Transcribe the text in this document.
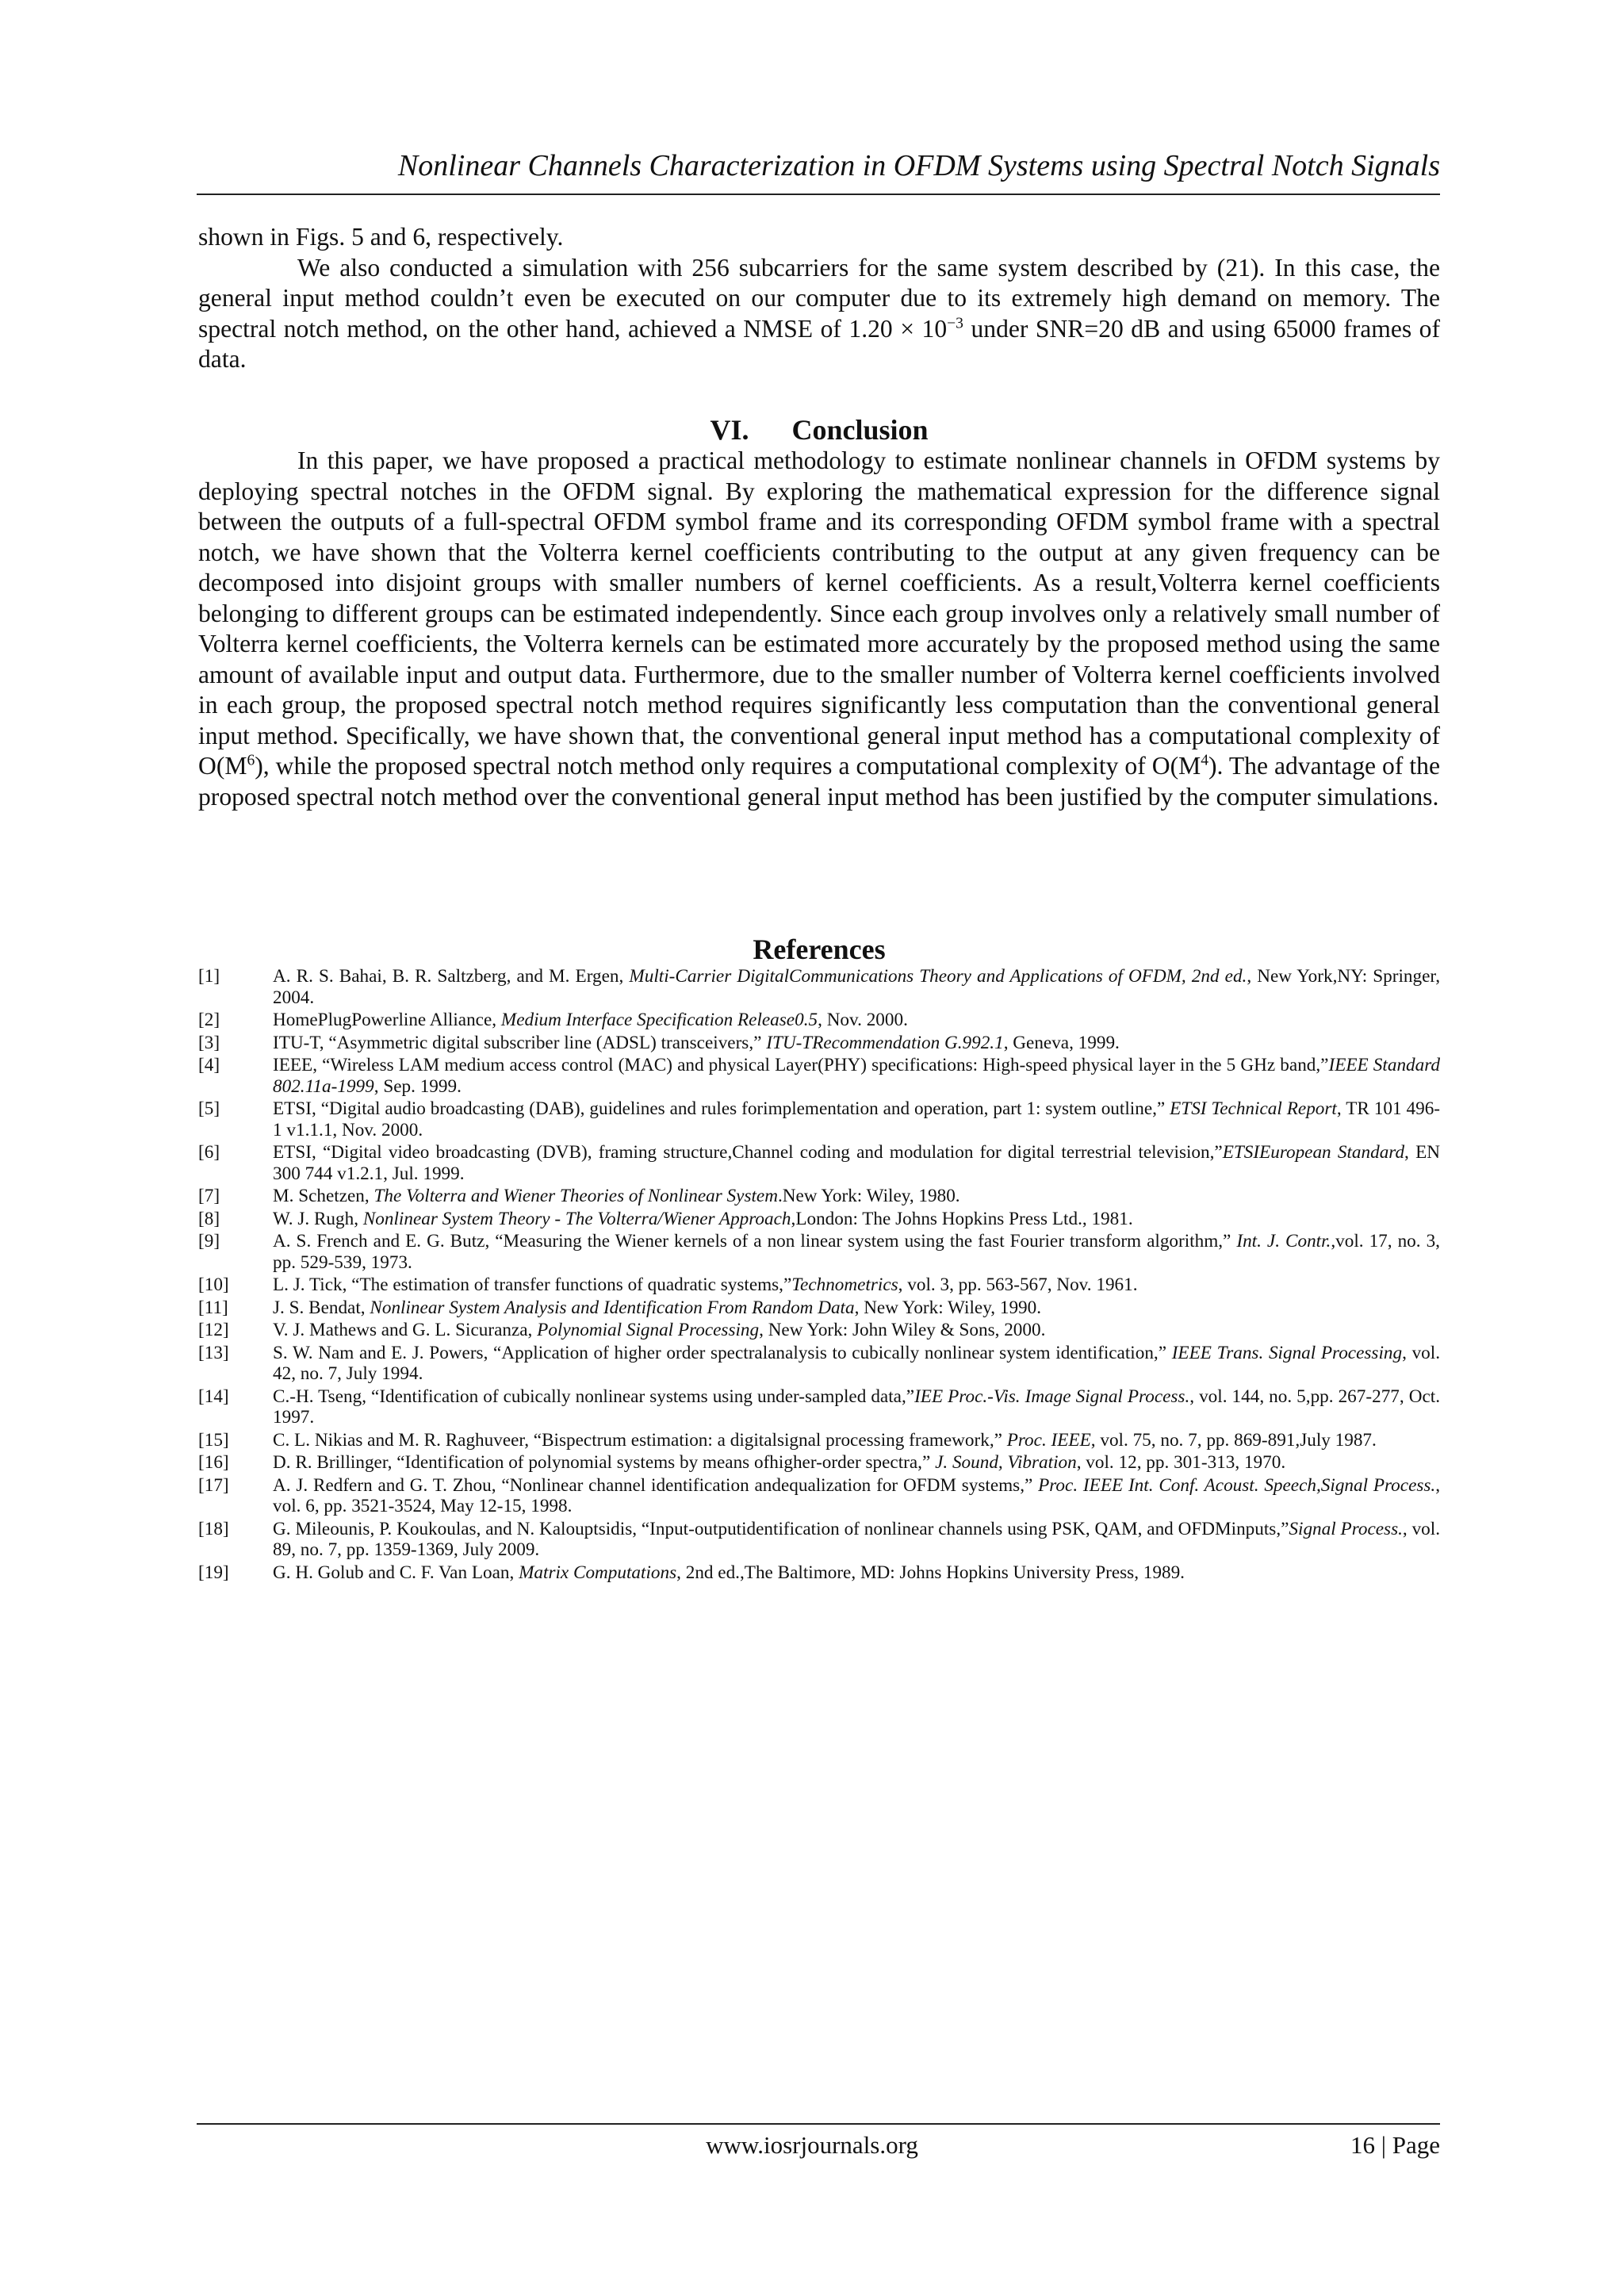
Nonlinear Channels Characterization in OFDM Systems using Spectral Notch Signals

shown in Figs. 5 and 6, respectively.

We also conducted a simulation with 256 subcarriers for the same system described by (21). In this case, the general input method couldn’t even be executed on our computer due to its extremely high demand on memory. The spectral notch method, on the other hand, achieved a NMSE of $1.20 \times 10^{-3}$ under SNR=20 dB and using 65000 frames of data.

VI. Conclusion

In this paper, we have proposed a practical methodology to estimate nonlinear channels in OFDM systems by deploying spectral notches in the OFDM signal. By exploring the mathematical expression for the difference signal between the outputs of a full-spectral OFDM symbol frame and its corresponding OFDM symbol frame with a spectral notch, we have shown that the Volterra kernel coefficients contributing to the output at any given frequency can be decomposed into disjoint groups with smaller numbers of kernel coefficients. As a result,Volterra kernel coefficients belonging to different groups can be estimated independently. Since each group involves only a relatively small number of Volterra kernel coefficients, the Volterra kernels can be estimated more accurately by the proposed method using the same amount of available input and output data. Furthermore, due to the smaller number of Volterra kernel coefficients involved in each group, the proposed spectral notch method requires significantly less computation than the conventional general input method. Specifically, we have shown that, the conventional general input method has a computational complexity of $O(M^6)$, while the proposed spectral notch method only requires a computational complexity of $O(M^4)$. The advantage of the proposed spectral notch method over the conventional general input method has been justified by the computer simulations.

References
[1]	A. R. S. Bahai, B. R. Saltzberg, and M. Ergen, Multi-Carrier DigitalCommunications Theory and Applications of OFDM, 2nd ed., New York,NY: Springer, 2004.
[2]	HomePlugPowerline Alliance, Medium Interface Specification Release0.5, Nov. 2000.
[3]	ITU-T, “Asymmetric digital subscriber line (ADSL) transceivers,” ITU-TRecommendation G.992.1, Geneva, 1999.
[4]	IEEE, “Wireless LAM medium access control (MAC) and physical Layer(PHY) specifications: High-speed physical layer in the 5 GHz band,”IEEE Standard 802.11a-1999, Sep. 1999.
[5]	ETSI, “Digital audio broadcasting (DAB), guidelines and rules forimplementation and operation, part 1: system outline,” ETSI Technical Report, TR 101 496-1 v1.1.1, Nov. 2000.
[6]	ETSI, “Digital video broadcasting (DVB), framing structure,Channel coding and modulation for digital terrestrial television,”ETSIEuropean Standard, EN 300 744 v1.2.1, Jul. 1999.
[7]	M. Schetzen, The Volterra and Wiener Theories of Nonlinear System.New York: Wiley, 1980.
[8]	W. J. Rugh, Nonlinear System Theory - The Volterra/Wiener Approach,London: The Johns Hopkins Press Ltd., 1981.
[9]	A. S. French and E. G. Butz, “Measuring the Wiener kernels of a non linear system using the fast Fourier transform algorithm,” Int. J. Contr.,vol. 17, no. 3, pp. 529-539, 1973.
[10]	L. J. Tick, “The estimation of transfer functions of quadratic systems,”Technometrics, vol. 3, pp. 563-567, Nov. 1961.
[11]	J. S. Bendat, Nonlinear System Analysis and Identification From Random Data, New York: Wiley, 1990.
[12]	V. J. Mathews and G. L. Sicuranza, Polynomial Signal Processing, New York: John Wiley & Sons, 2000.
[13]	S. W. Nam and E. J. Powers, “Application of higher order spectralanalysis to cubically nonlinear system identification,” IEEE Trans. Signal Processing, vol. 42, no. 7, July 1994.
[14]	C.-H. Tseng, “Identification of cubically nonlinear systems using under-sampled data,”IEE Proc.-Vis. Image Signal Process., vol. 144, no. 5,pp. 267-277, Oct. 1997.
[15]	C. L. Nikias and M. R. Raghuveer, “Bispectrum estimation: a digitalsignal processing framework,” Proc. IEEE, vol. 75, no. 7, pp. 869-891,July 1987.
[16]	D. R. Brillinger, “Identification of polynomial systems by means ofhigher-order spectra,” J. Sound, Vibration, vol. 12, pp. 301-313, 1970.
[17]	A. J. Redfern and G. T. Zhou, “Nonlinear channel identification andequalization for OFDM systems,” Proc. IEEE Int. Conf. Acoust. Speech,Signal Process., vol. 6, pp. 3521-3524, May 12-15, 1998.
[18]	G. Mileounis, P. Koukoulas, and N. Kalouptsidis, “Input-outputidentification of nonlinear channels using PSK, QAM, and OFDMinputs,”Signal Process., vol. 89, no. 7, pp. 1359-1369, July 2009.
[19]	G. H. Golub and C. F. Van Loan, Matrix Computations, 2nd ed.,The Baltimore, MD: Johns Hopkins University Press, 1989.
www.iosrjournals.org	16 | Page
